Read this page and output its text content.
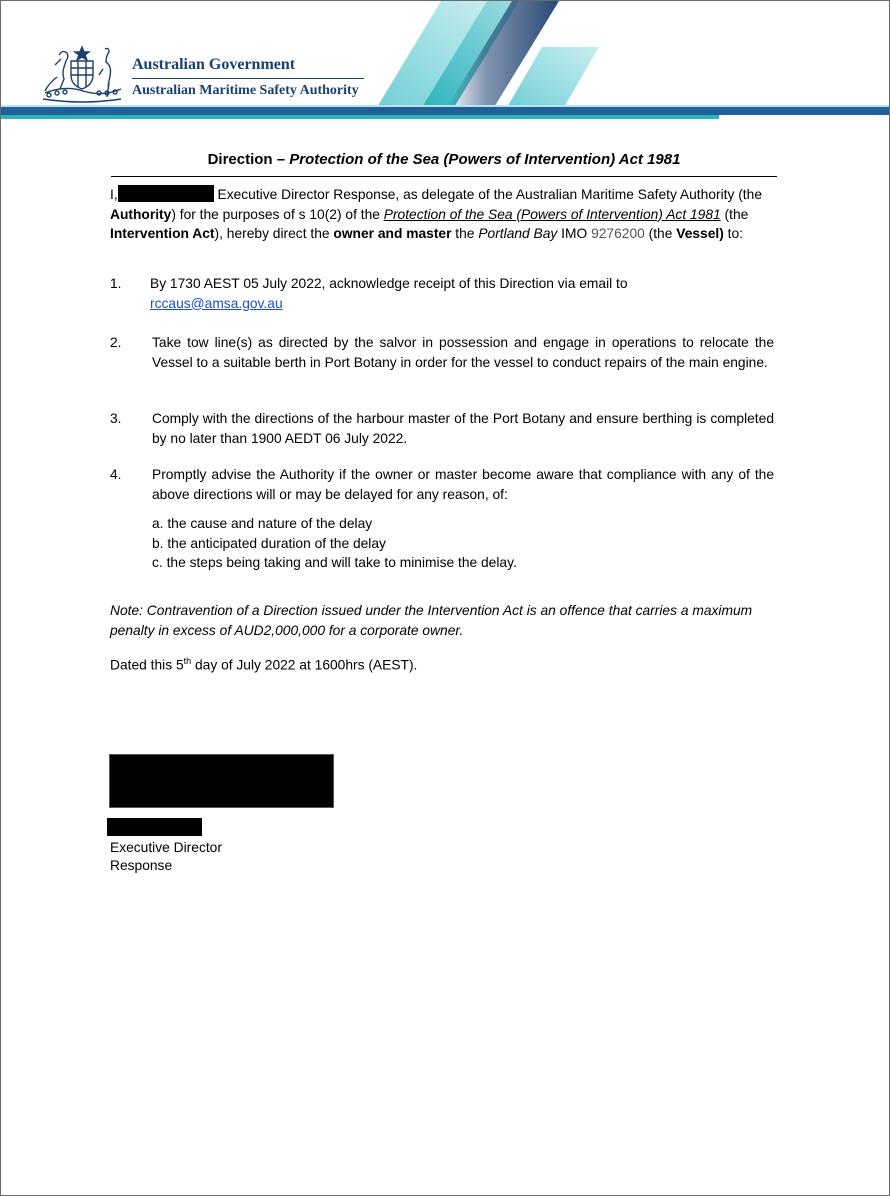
Australian Government
Australian Maritime Safety Authority
Direction – Protection of the Sea (Powers of Intervention) Act 1981
I,	Executive Director Response, as delegate of the Australian Maritime Safety Authority (the Authority) for the purposes of s 10(2) of the Protection of the Sea (Powers of Intervention) Act 1981 (the Intervention Act), hereby direct the owner and master the Portland Bay IMO 9276200 (the Vessel) to:
1. By 1730 AEST 05 July 2022, acknowledge receipt of this Direction via email to
rccaus@amsa.gov.au
2. Take tow line(s) as directed by the salvor in possession and engage in operations to relocate the Vessel to a suitable berth in Port Botany in order for the vessel to conduct repairs of the main engine.
3. Comply with the directions of the harbour master of the Port Botany and ensure berthing is completed by no later than 1900 AEDT 06 July 2022.
4. Promptly advise the Authority if the owner or master become aware that compliance with any of the above directions will or may be delayed for any reason, of:
a. the cause and nature of the delay
b. the anticipated duration of the delay
c. the steps being taking and will take to minimise the delay.
Note: Contravention of a Direction issued under the Intervention Act is an offence that carries a maximum penalty in excess of AUD2,000,000 for a corporate owner.
Dated this 5th day of July 2022 at 1600hrs (AEST).
Executive Director
Response
